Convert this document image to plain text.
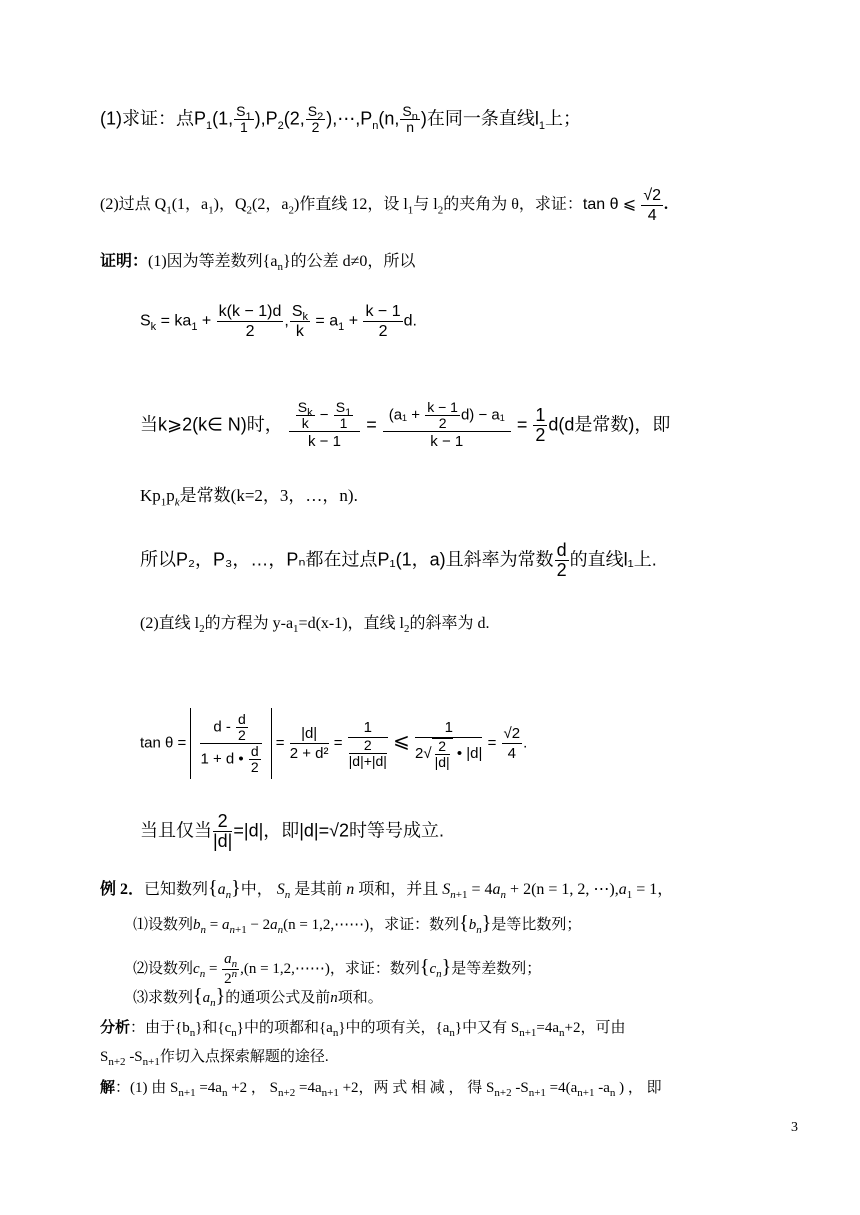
(1)求证：点$P_1(1$, $\frac{S_1}{1} ),P_2(2$, $\frac{S_2}{2}$ )$,\cdots,P_n(n$, $\frac{S_n}{n}$ )在同一条直线$l_1$上；
(2)过点 $Q_1(1$，$a_1$)，$Q_2(2$，$a_2$)作直线 12，设 $l_1$与 $l_2$的夹角为 θ，求证：tan θ ⩽ $\frac{√2}{4}$ .
证明：(1)因为等差数列$\{a_n\}$的公差 d≠0，所以
$S_k = ka_1 + \frac{k(k - 1)d}{2}$ , $\frac{S_k}{k} = a_1 + \frac{k - 1}{2} d$.
当k⩾2(k∈ N)时， $\frac{\frac{S_k}{k} - \frac{S_1}{1}}{k - 1} = \frac{(a_1 + \frac{k - 1}{2} d) - a_1}{k - 1} = \frac{1}{2} d(d$是常数)，即
$Kp_1p_k$是常数(k=2，3，…，n).
所以P₂，P₃，…，Pₙ都在过点P₁(1，a)且斜率为常数 $\frac{d}{2}$ 的直线l₁上.
(2)直线 $l_2$的方程为 $y-a_1=d(x-1)$，直线 $l_2$的斜率为 d.
$\tan \theta = \frac{d - \frac{d}{2}}{1 + d • \frac{d}{2}} = \frac{|d|}{\text{2 + d²}} = \frac{1}{\frac{2}{|d|+|d|}}$ ⩽ $\frac{1}{2√ \frac{2}{|d|} • |d|} = \frac{√2}{4}$ .
当且仅当 $\frac{2}{|d|} =|d|$，即|d|=√2时等号成立.
例 2．已知数列$\{a_n\}$中， $S_n$ 是其前 n 项和，并且 $S_{n+1} = 4a_n + 2(n = 1$, 2, $\cdots),a_1 = 1$，
⑴设数列$b_n = a_{n+1} - 2a_n(n$ = 1,2,⋯⋯)，求证：数列$\{b_n\}$是等比数列；
⑵设数列$c_n = \frac{a_n}{2^n} ,(n$ = 1,2,⋯⋯)，求证：数列$\{c_n\}$是等差数列；
⑶求数列$\{a_n\}$的通项公式及前n项和。
分析：由于$\{b_n\}$和$\{c_n\}$中的项都和$\{a_n\}$中的项有关，$\{a_n\}$中又有 $S_{n+1}=4a_n+2$，可由
$S_{n+2}$ $-S_{n+1}$作切入点探索解题的途径.
解：(1) 由 $S_{n+1} =4a_n +2$ ， $S_{n+2} =4a_{n+1} +2$，两 式 相 减 ， 得 $S_{n+2}$ $-S_{n+1} =4(a_{n+1}$ $-a_n$ ) ， 即
3
